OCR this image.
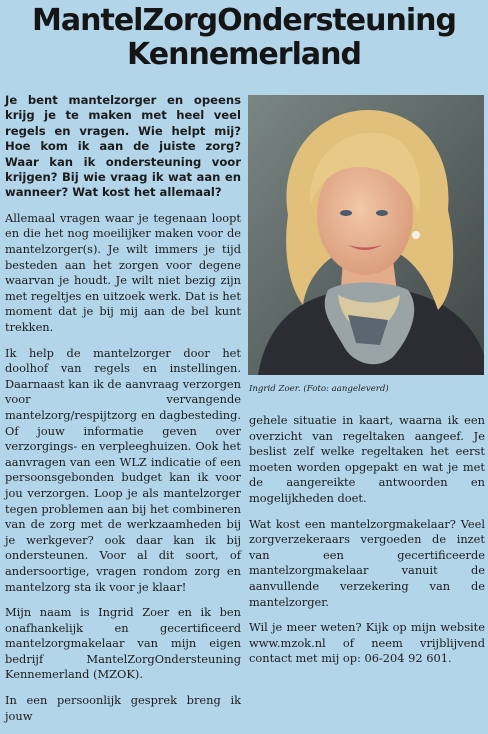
MantelZorgOndersteuning
Kennemerland

Je bent mantelzorger en opeens krijg je te maken met heel veel regels en vragen. Wie helpt mij? Hoe kom ik aan de juiste zorg? Waar kan ik ondersteuning voor krijgen? Bij wie vraag ik wat aan en wanneer? Wat kost het allemaal?

Allemaal vragen waar je tegenaan loopt en die het nog moeilijker maken voor de mantelzorger(s). Je wilt immers je tijd besteden aan het zorgen voor degene waarvan je houdt. Je wilt niet bezig zijn met regeltjes en uitzoek werk. Dat is het moment dat je bij mij aan de bel kunt trekken.

Ik help de mantelzorger door het doolhof van regels en instellingen. Daarnaast kan ik de aanvraag verzorgen voor vervangende mantelzorg/respijtzorg en dagbesteding. Of jouw informatie geven over verzorgings- en verpleeghuizen. Ook het aanvragen van een WLZ indicatie of een persoonsgebonden budget kan ik voor jou verzorgen. Loop je als mantelzorger tegen problemen aan bij het combineren van de zorg met de werkzaamheden bij je werkgever? ook daar kan ik bij ondersteunen. Voor al dit soort, of andersoortige, vragen rondom zorg en mantelzorg sta ik voor je klaar!

Mijn naam is Ingrid Zoer en ik ben onafhankelijk en gecertificeerd mantelzorgmakelaar van mijn eigen bedrijf MantelZorgOndersteuning Kennemerland (MZOK).

In een persoonlijk gesprek breng ik jouw

Ingrid Zoer. (Foto: aangeleverd)

gehele situatie in kaart, waarna ik een overzicht van regeltaken aangeef. Je beslist zelf welke regeltaken het eerst moeten worden opgepakt en wat je met de aangereikte antwoorden en mogelijkheden doet.

Wat kost een mantelzorgmakelaar? Veel zorgverzekeraars vergoeden de inzet van een gecertificeerde mantelzorgmakelaar vanuit de aanvullende verzekering van de mantelzorger.

Wil je meer weten? Kijk op mijn website www.mzok.nl of neem vrijblijvend contact met mij op: 06-204 92 601.
